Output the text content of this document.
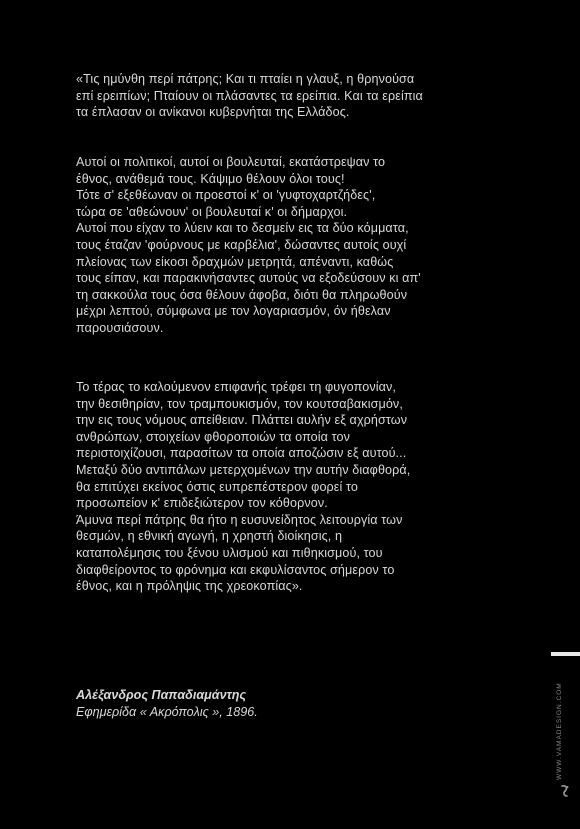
«Τις ημύνθη περί πάτρης; Και τι πταίει η γλαυξ, η θρηνούσα
επί ερειπίων; Πταίουν οι πλάσαντες τα ερείπια. Και τα ερείπια
τα έπλασαν οι ανίκανοι κυβερνήται της Ελλάδος.
Αυτοί οι πολιτικοί, αυτοί οι βουλευταί, εκατάστρεψαν το
έθνος, ανάθεμά τους. Κάψιμο θέλουν όλοι τους!
Τότε σ' εξεθέωναν οι προεστοί κ' οι 'γυφτοχαρτζήδες',
τώρα σε 'αθεώνουν' οι βουλευταί κ' οι δήμαρχοι.
Αυτοί που είχαν το λύειν και το δεσμείν εις τα δύο κόμματα,
τους έταζαν 'φούρνους με καρβέλια', δώσαντες αυτοίς ουχί
πλείονας των είκοσι δραχμών μετρητά, απέναντι, καθώς
τους είπαν, και παρακινήσαντες αυτούς να εξοδεύσουν κι απ'
τη σακκούλα τους όσα θέλουν άφοβα, διότι θα πληρωθούν
μέχρι λεπτού, σύμφωνα με τον λογαριασμόν, όν ήθελαν
παρουσιάσουν.
Το τέρας το καλούμενον επιφανής τρέφει τη φυγοπονίαν,
την θεσιθηρίαν, τον τραμπουκισμόν, τον κουτσαβακισμόν,
την εις τους νόμους απείθειαν. Πλάττει αυλήν εξ αχρήστων
ανθρώπων, στοιχείων φθοροποιών τα οποία τον
περιστοιχίζουσι, παρασίτων τα οποία αποζώσιν εξ αυτού...
Μεταξύ δύο αντιπάλων μετερχομένων την αυτήν διαφθορά,
θα επιτύχει εκείνος όστις ευπρεπέστερον φορεί το
προσωπείον κ' επιδεξιώτερον τον κόθορνον.
Άμυνα περί πάτρης θα ήτο η ευσυνείδητος λειτουργία των
θεσμών, η εθνική αγωγή, η χρηστή διοίκησις, η
καταπολέμησις του ξένου υλισμού και πιθηκισμού, του
διαφθείροντος το φρόνημα και εκφυλίσαντος σήμερον το
έθνος, και η πρόληψις της χρεοκοπίας».
Αλέξανδρος Παπαδιαμάντης
Εφημερίδα « Ακρόπολις », 1896.	WWW.VAMADESIGN.COM
